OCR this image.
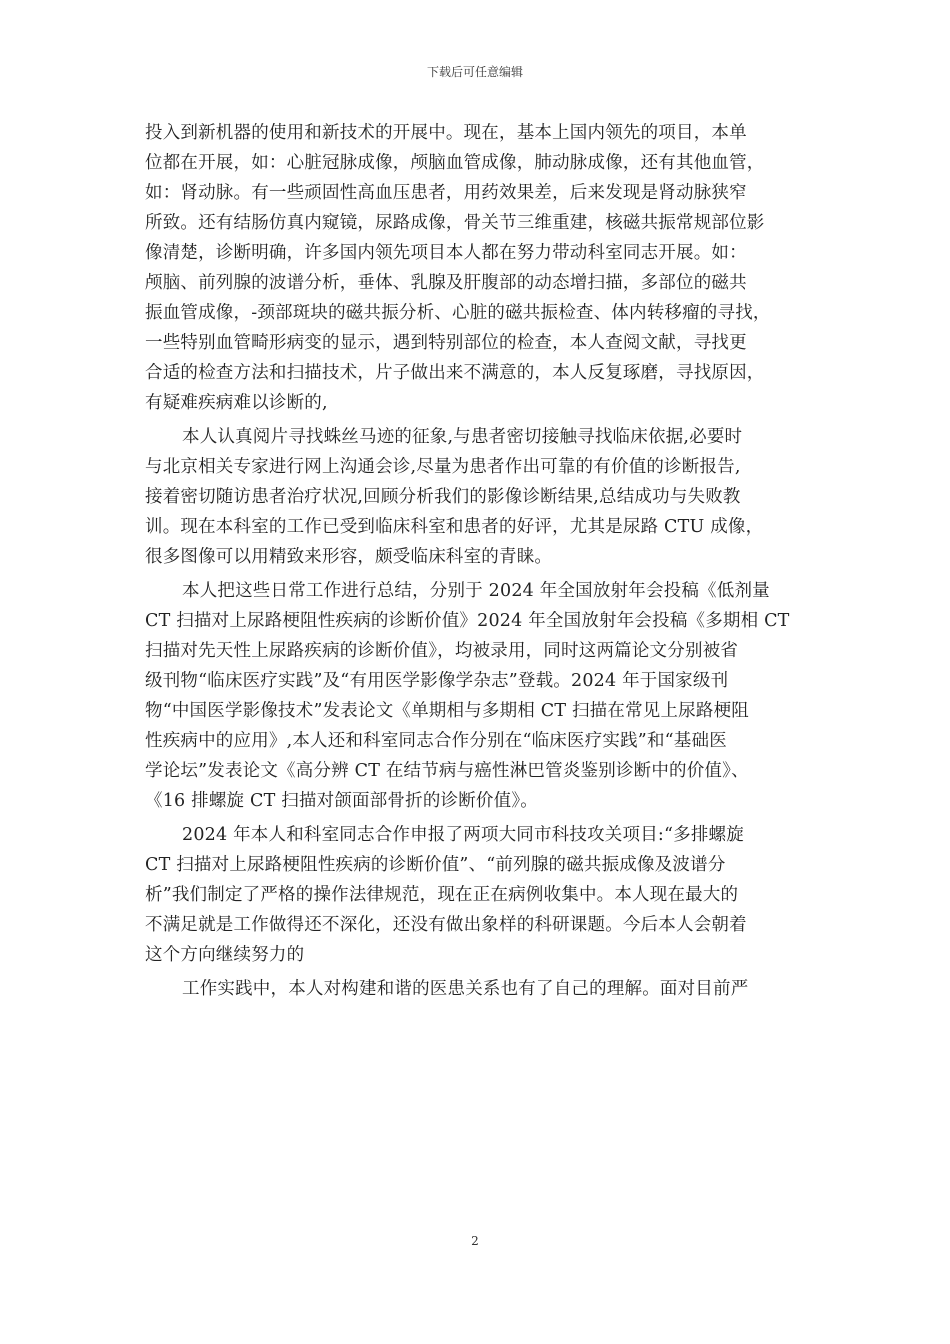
下载后可任意编辑

投入到新机器的使用和新技术的开展中。现在，基本上国内领先的项目，本单
位都在开展，如：心脏冠脉成像，颅脑血管成像，肺动脉成像，还有其他血管，
如：肾动脉。有一些顽固性高血压患者，用药效果差，后来发现是肾动脉狭窄
所致。还有结肠仿真内窥镜，尿路成像，骨关节三维重建，核磁共振常规部位影
像清楚，诊断明确，许多国内领先项目本人都在努力带动科室同志开展。如：
颅脑、前列腺的波谱分析，垂体、乳腺及肝腹部的动态增扫描，多部位的磁共
振血管成像，-颈部斑块的磁共振分析、心脏的磁共振检查、体内转移瘤的寻找，
一些特别血管畸形病变的显示，遇到特别部位的检查，本人查阅文献，寻找更
合适的检查方法和扫描技术，片子做出来不满意的，本人反复琢磨，寻找原因，
有疑难疾病难以诊断的,

本人认真阅片寻找蛛丝马迹的征象,与患者密切接触寻找临床依据,必要时
与北京相关专家进行网上沟通会诊,尽量为患者作出可靠的有价值的诊断报告,
接着密切随访患者治疗状况,回顾分析我们的影像诊断结果,总结成功与失败教
训。现在本科室的工作已受到临床科室和患者的好评，尤其是尿路 CTU 成像，
很多图像可以用精致来形容，颇受临床科室的青睐。

本人把这些日常工作进行总结，分别于 2024 年全国放射年会投稿《低剂量
CT 扫描对上尿路梗阻性疾病的诊断价值》2024 年全国放射年会投稿《多期相 CT
扫描对先天性上尿路疾病的诊断价值》，均被录用，同时这两篇论文分别被省
级刊物“临床医疗实践”及“有用医学影像学杂志”登载。2024 年于国家级刊
物“中国医学影像技术”发表论文《单期相与多期相 CT 扫描在常见上尿路梗阻
性疾病中的应用》,本人还和科室同志合作分别在“临床医疗实践”和“基础医
学论坛”发表论文《高分辨 CT 在结节病与癌性淋巴管炎鉴别诊断中的价值》、
《16 排螺旋 CT 扫描对颌面部骨折的诊断价值》。

2024 年本人和科室同志合作申报了两项大同市科技攻关项目:“多排螺旋
CT 扫描对上尿路梗阻性疾病的诊断价值”、“前列腺的磁共振成像及波谱分
析”我们制定了严格的操作法律规范，现在正在病例收集中。本人现在最大的
不满足就是工作做得还不深化，还没有做出象样的科研课题。今后本人会朝着
这个方向继续努力的

工作实践中，本人对构建和谐的医患关系也有了自己的理解。面对目前严

2
